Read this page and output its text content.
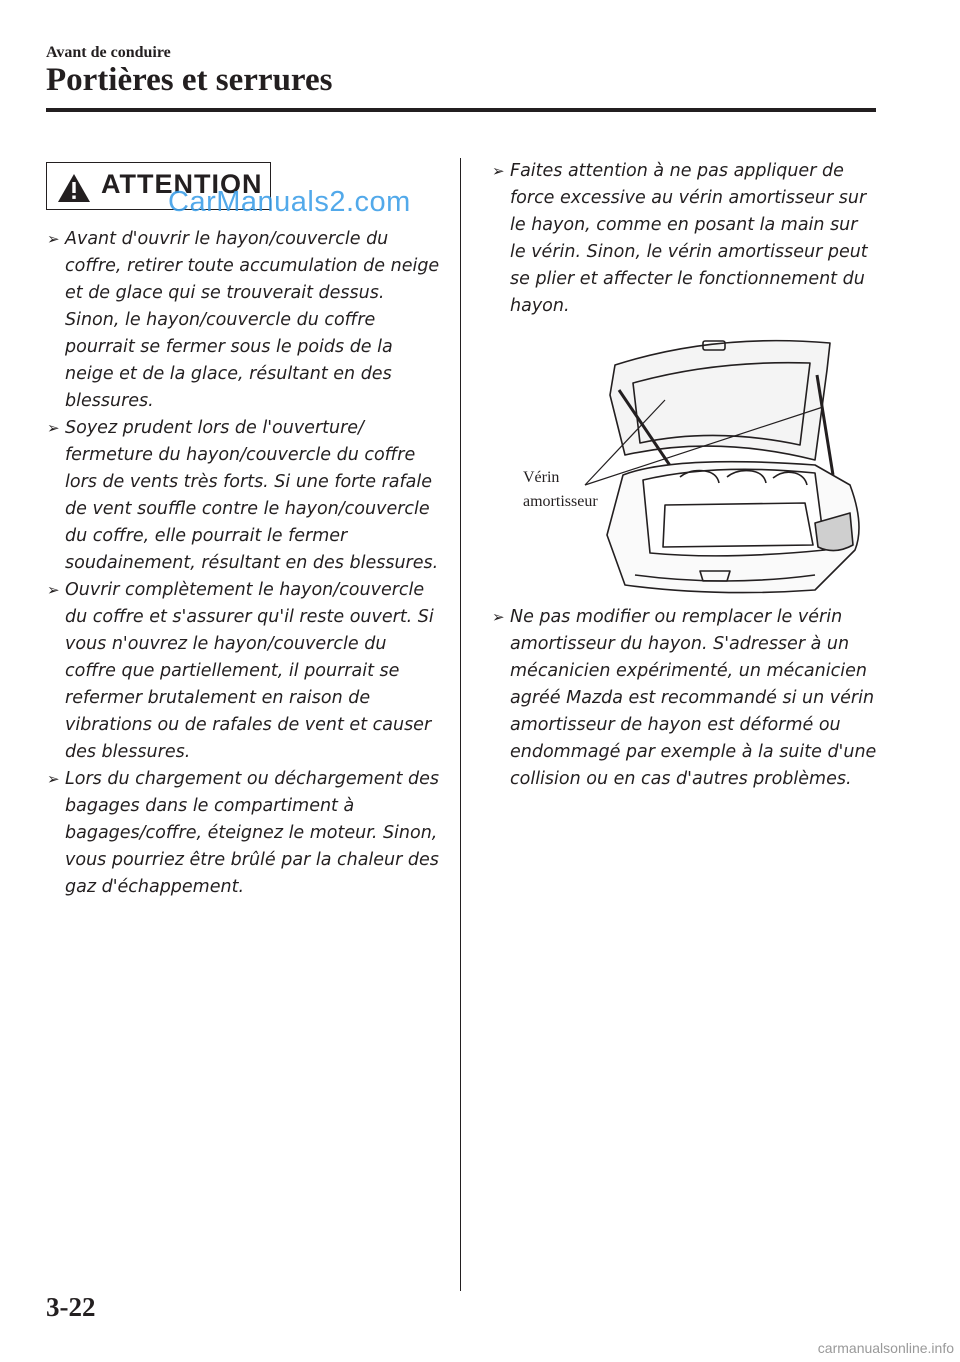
Avant de conduire
Portières et serrures
ATTENTION
CarManuals2.com
➢ Avant d'ouvrir le hayon/couvercle du coffre, retirer toute accumulation de neige et de glace qui se trouverait dessus. Sinon, le hayon/couvercle du coffre pourrait se fermer sous le poids de la neige et de la glace, résultant en des blessures.
➢ Soyez prudent lors de l'ouverture/ fermeture du hayon/couvercle du coffre lors de vents très forts. Si une forte rafale de vent souffle contre le hayon/couvercle du coffre, elle pourrait le fermer soudainement, résultant en des blessures.
➢ Ouvrir complètement le hayon/couvercle du coffre et s'assurer qu'il reste ouvert. Si vous n'ouvrez le hayon/couvercle du coffre que partiellement, il pourrait se refermer brutalement en raison de vibrations ou de rafales de vent et causer des blessures.
➢ Lors du chargement ou déchargement des bagages dans le compartiment à bagages/coffre, éteignez le moteur. Sinon, vous pourriez être brûlé par la chaleur des gaz d'échappement.
➢ Faites attention à ne pas appliquer de force excessive au vérin amortisseur sur le hayon, comme en posant la main sur le vérin. Sinon, le vérin amortisseur peut se plier et affecter le fonctionnement du hayon.
Vérin
amortisseur
➢ Ne pas modifier ou remplacer le vérin amortisseur du hayon. S'adresser à un mécanicien expérimenté, un mécanicien agréé Mazda est recommandé si un vérin amortisseur de hayon est déformé ou endommagé par exemple à la suite d'une collision ou en cas d'autres problèmes.
3-22
carmanualsonline.info
